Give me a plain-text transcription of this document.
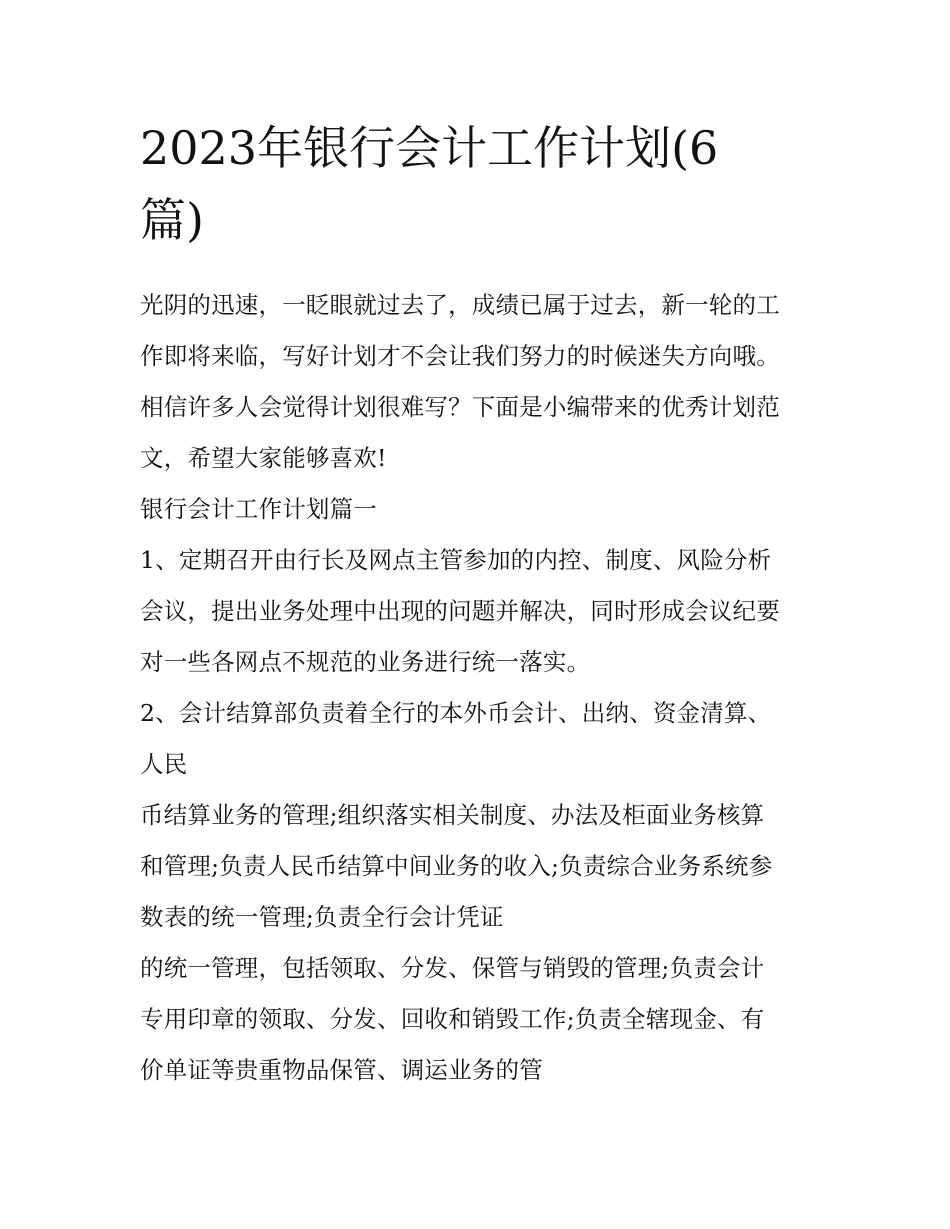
2023年银行会计工作计划(6
篇)
光阴的迅速，一眨眼就过去了，成绩已属于过去，新一轮的工
作即将来临，写好计划才不会让我们努力的时候迷失方向哦。
相信许多人会觉得计划很难写？下面是小编带来的优秀计划范
文，希望大家能够喜欢!
银行会计工作计划篇一
1、定期召开由行长及网点主管参加的内控、制度、风险分析
会议，提出业务处理中出现的问题并解决，同时形成会议纪要
对一些各网点不规范的业务进行统一落实。
2、会计结算部负责着全行的本外币会计、出纳、资金清算、
人民
币结算业务的管理;组织落实相关制度、办法及柜面业务核算
和管理;负责人民币结算中间业务的收入;负责综合业务系统参
数表的统一管理;负责全行会计凭证
的统一管理，包括领取、分发、保管与销毁的管理;负责会计
专用印章的领取、分发、回收和销毁工作;负责全辖现金、有
价单证等贵重物品保管、调运业务的管
